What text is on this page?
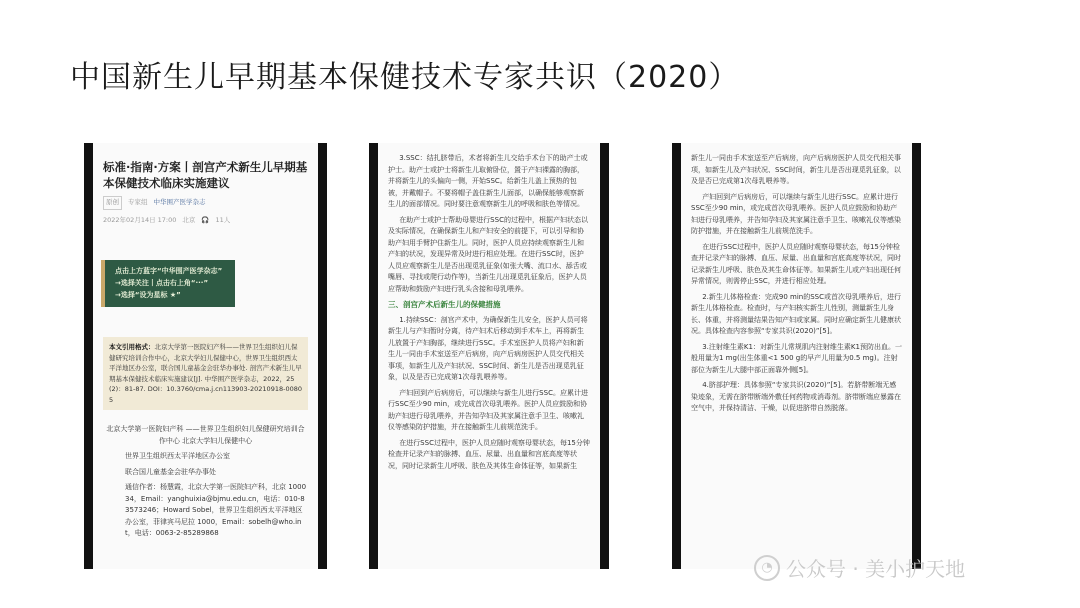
中国新生儿早期基本保健技术专家共识（2020）
标准·指南·方案丨剖宫产术新生儿早期基本保健技术临床实施建议
原创	专家组 中华围产医学杂志
2022年02月14日 17:00 北京 🎧 11人
点击上方蓝字“中华围产医学杂志”
→选择关注丨点击右上角“···”
→选择“设为星标 ★”
本文引用格式：北京大学第一医院妇产科——世界卫生组织妇儿保健研究培训合作中心，北京大学妇儿保健中心，世界卫生组织西太平洋地区办公室，联合国儿童基金会驻华办事处. 剖宫产术新生儿早期基本保健技术临床实施建议[J]. 中华围产医学杂志，2022，25(2)：81-87. DOI：10.3760/cma.j.cn113903-20210918-00805

北京大学第一医院妇产科 ——世界卫生组织妇儿保健研究培训合作中心 北京大学妇儿保健中心

世界卫生组织西太平洋地区办公室

联合国儿童基金会驻华办事处

通信作者：杨慧霞，北京大学第一医院妇产科，北京 100034，Email：yanghuixia@bjmu.edu.cn，电话：010-83573246；Howard Sobel，世界卫生组织西太平洋地区办公室，菲律宾马尼拉 1000，Email：sobelh@who.int，电话：0063-2-85289868

3.SSC：结扎脐带后，术者将新生儿交给手术台下的助产士或护士。助产士或护士将新生儿取俯卧位，置于产妇裸露的胸部，并将新生儿的头偏向一侧，开始SSC。给新生儿盖上预热的包被，并戴帽子。不要将帽子盖住新生儿面部，以确保能够观察新生儿的面部情况。同时要注意观察新生儿的呼吸和肤色等情况。

在助产士或护士帮助母婴进行SSC的过程中，根据产妇状态以及实际情况，在确保新生儿和产妇安全的前提下，可以引导和协助产妇用手臂护住新生儿。同时，医护人员应持续观察新生儿和产妇的状况，发现异常及时进行相应处理。在进行SSC时，医护人员应观察新生儿是否出现觅乳征象(如张大嘴、流口水、舔舌或嘴唇、寻找或爬行动作等)，当新生儿出现觅乳征象后，医护人员应帮助和鼓励产妇进行乳头含接和母乳喂养。

三、剖宫产术后新生儿的保健措施

1.持续SSC：剖宫产术中，为确保新生儿安全，医护人员可将新生儿与产妇暂时分离，待产妇术后移动到手术车上，再将新生儿放置于产妇胸部，继续进行SSC。手术室医护人员将产妇和新生儿一同由手术室送至产后病房，向产后病房医护人员交代相关事项，如新生儿及产妇状况、SSC时间、新生儿是否出现觅乳征象，以及是否已完成第1次母乳喂养等。

产妇回到产后病房后，可以继续与新生儿进行SSC。应累计进行SSC至少90 min，或完成首次母乳喂养。医护人员应鼓励和协助产妇进行母乳喂养，并告知孕妇及其家属注意手卫生、咳嗽礼仪等感染防护措施，并在接触新生儿前规范洗手。

在进行SSC过程中，医护人员应随时观察母婴状态，每15分钟检查并记录产妇的脉搏、血压、尿量、出血量和宫底高度等状况，同时记录新生儿呼吸、肤色及其体生命体征等，如果新生

新生儿一同由手术室送至产后病房，向产后病房医护人员交代相关事项，如新生儿及产妇状况、SSC时间，新生儿是否出现觅乳征象，以及是否已完成第1次母乳喂养等。

产妇回到产后病房后，可以继续与新生儿进行SSC。应累计进行SSC至少90 min，或完成首次母乳喂养。医护人员应鼓励和协助产妇进行母乳喂养，并告知孕妇及其家属注意手卫生、咳嗽礼仪等感染防护措施，并在接触新生儿前规范洗手。

在进行SSC过程中，医护人员应随时观察母婴状态，每15分钟检查并记录产妇的脉搏、血压、尿量、出血量和宫底高度等状况，同时记录新生儿呼吸、肤色及其生命体征等。如果新生儿或产妇出现任何异常情况，则需停止SSC，并进行相应处理。

2.新生儿体格检查：完成90 min的SSC或首次母乳喂养后，进行新生儿体格检查。检查时，与产妇核实新生儿性别，测量新生儿身长、体重，并将测量结果告知产妇或家属。同时应确定新生儿健康状况。具体检查内容参照“专家共识(2020)”[5]。

3.注射维生素K1：对新生儿常规肌内注射维生素K1预防出血。一般用量为1 mg(出生体重<1 500 g的早产儿用量为0.5 mg)。注射部位为新生儿大腿中部正面靠外侧[5]。

4.脐部护理：具体参照“专家共识(2020)”[5]。若脐带断端无感染迹象，无需在脐带断端外敷任何药物或消毒剂。脐带断端应暴露在空气中，并保持清洁、干燥，以促进脐带自然脱落。

◔ 公众号 · 美小护天地
